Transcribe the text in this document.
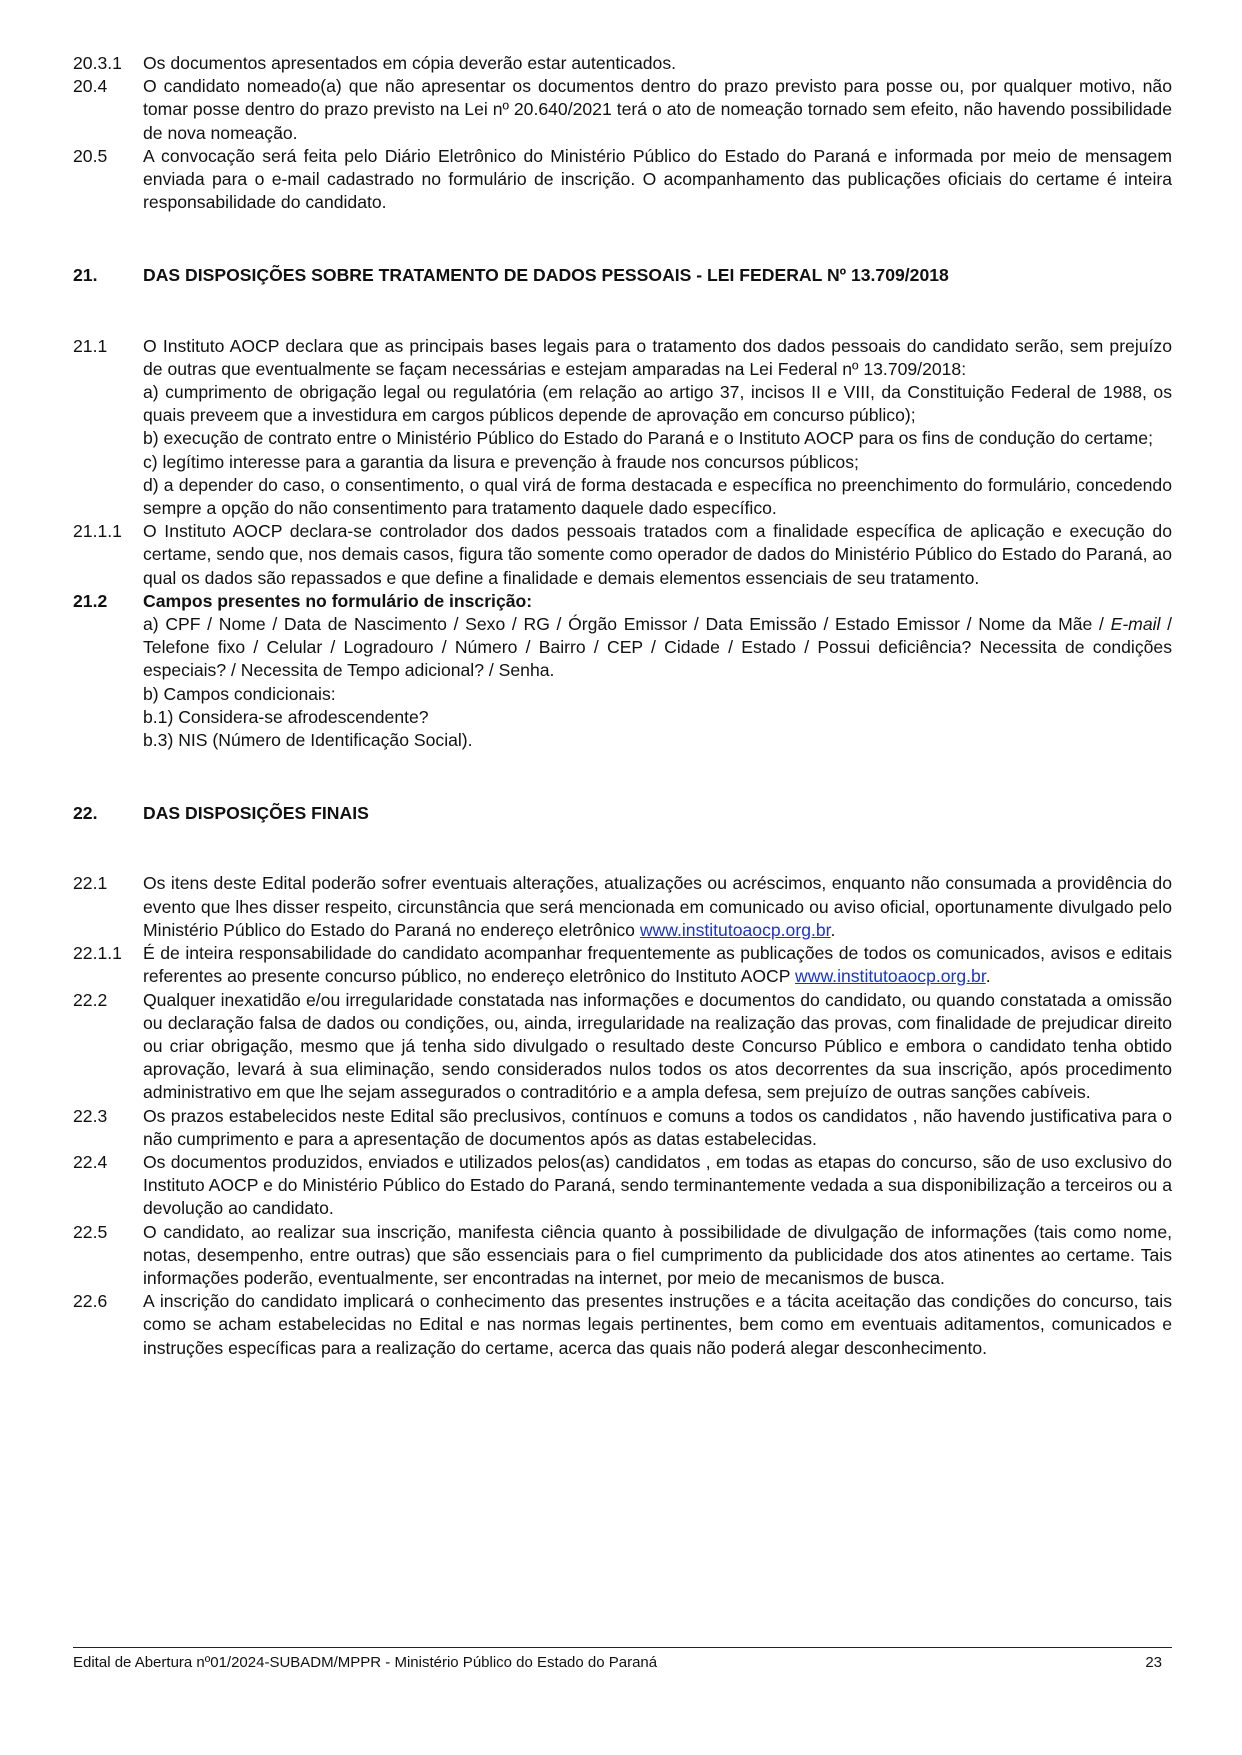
20.3.1	Os documentos apresentados em cópia deverão estar autenticados.
20.4	O candidato nomeado(a) que não apresentar os documentos dentro do prazo previsto para posse ou, por qualquer motivo, não tomar posse dentro do prazo previsto na Lei nº 20.640/2021 terá o ato de nomeação tornado sem efeito, não havendo possibilidade de nova nomeação.
20.5	A convocação será feita pelo Diário Eletrônico do Ministério Público do Estado do Paraná e informada por meio de mensagem enviada para o e-mail cadastrado no formulário de inscrição. O acompanhamento das publicações oficiais do certame é inteira responsabilidade do candidato.
21.	DAS DISPOSIÇÕES SOBRE TRATAMENTO DE DADOS PESSOAIS - LEI FEDERAL Nº 13.709/2018
21.1	O Instituto AOCP declara que as principais bases legais para o tratamento dos dados pessoais do candidato serão, sem prejuízo de outras que eventualmente se façam necessárias e estejam amparadas na Lei Federal nº 13.709/2018:

a) cumprimento de obrigação legal ou regulatória (em relação ao artigo 37, incisos II e VIII, da Constituição Federal de 1988, os quais preveem que a investidura em cargos públicos depende de aprovação em concurso público);

b) execução de contrato entre o Ministério Público do Estado do Paraná e o Instituto AOCP para os fins de condução do certame;

c) legítimo interesse para a garantia da lisura e prevenção à fraude nos concursos públicos;

d) a depender do caso, o consentimento, o qual virá de forma destacada e específica no preenchimento do formulário, concedendo sempre a opção do não consentimento para tratamento daquele dado específico.

21.1.1	O Instituto AOCP declara-se controlador dos dados pessoais tratados com a finalidade específica de aplicação e execução do certame, sendo que, nos demais casos, figura tão somente como operador de dados do Ministério Público do Estado do Paraná, ao qual os dados são repassados e que define a finalidade e demais elementos essenciais de seu tratamento.
21.2	Campos presentes no formulário de inscrição:

a) CPF / Nome / Data de Nascimento / Sexo / RG / Órgão Emissor / Data Emissão / Estado Emissor / Nome da Mãe / E-mail / Telefone fixo / Celular / Logradouro / Número / Bairro / CEP / Cidade / Estado / Possui deficiência? Necessita de condições especiais? / Necessita de Tempo adicional? / Senha.

b) Campos condicionais:

b.1) Considera-se afrodescendente?

b.3) NIS (Número de Identificação Social).

22.	DAS DISPOSIÇÕES FINAIS
22.1	Os itens deste Edital poderão sofrer eventuais alterações, atualizações ou acréscimos, enquanto não consumada a providência do evento que lhes disser respeito, circunstância que será mencionada em comunicado ou aviso oficial, oportunamente divulgado pelo Ministério Público do Estado do Paraná no endereço eletrônico www.institutoaocp.org.br.
22.1.1	É de inteira responsabilidade do candidato acompanhar frequentemente as publicações de todos os comunicados, avisos e editais referentes ao presente concurso público, no endereço eletrônico do Instituto AOCP www.institutoaocp.org.br.
22.2	Qualquer inexatidão e/ou irregularidade constatada nas informações e documentos do candidato, ou quando constatada a omissão ou declaração falsa de dados ou condições, ou, ainda, irregularidade na realização das provas, com finalidade de prejudicar direito ou criar obrigação, mesmo que já tenha sido divulgado o resultado deste Concurso Público e embora o candidato tenha obtido aprovação, levará à sua eliminação, sendo considerados nulos todos os atos decorrentes da sua inscrição, após procedimento administrativo em que lhe sejam assegurados o contraditório e a ampla defesa, sem prejuízo de outras sanções cabíveis.
22.3	Os prazos estabelecidos neste Edital são preclusivos, contínuos e comuns a todos os candidatos , não havendo justificativa para o não cumprimento e para a apresentação de documentos após as datas estabelecidas.
22.4	Os documentos produzidos, enviados e utilizados pelos(as) candidatos , em todas as etapas do concurso, são de uso exclusivo do Instituto AOCP e do Ministério Público do Estado do Paraná, sendo terminantemente vedada a sua disponibilização a terceiros ou a devolução ao candidato.
22.5	O candidato, ao realizar sua inscrição, manifesta ciência quanto à possibilidade de divulgação de informações (tais como nome, notas, desempenho, entre outras) que são essenciais para o fiel cumprimento da publicidade dos atos atinentes ao certame. Tais informações poderão, eventualmente, ser encontradas na internet, por meio de mecanismos de busca.
22.6	A inscrição do candidato implicará o conhecimento das presentes instruções e a tácita aceitação das condições do concurso, tais como se acham estabelecidas no Edital e nas normas legais pertinentes, bem como em eventuais aditamentos, comunicados e instruções específicas para a realização do certame, acerca das quais não poderá alegar desconhecimento.
Edital de Abertura nº01/2024-SUBADM/MPPR - Ministério Público do Estado do Paraná	23
